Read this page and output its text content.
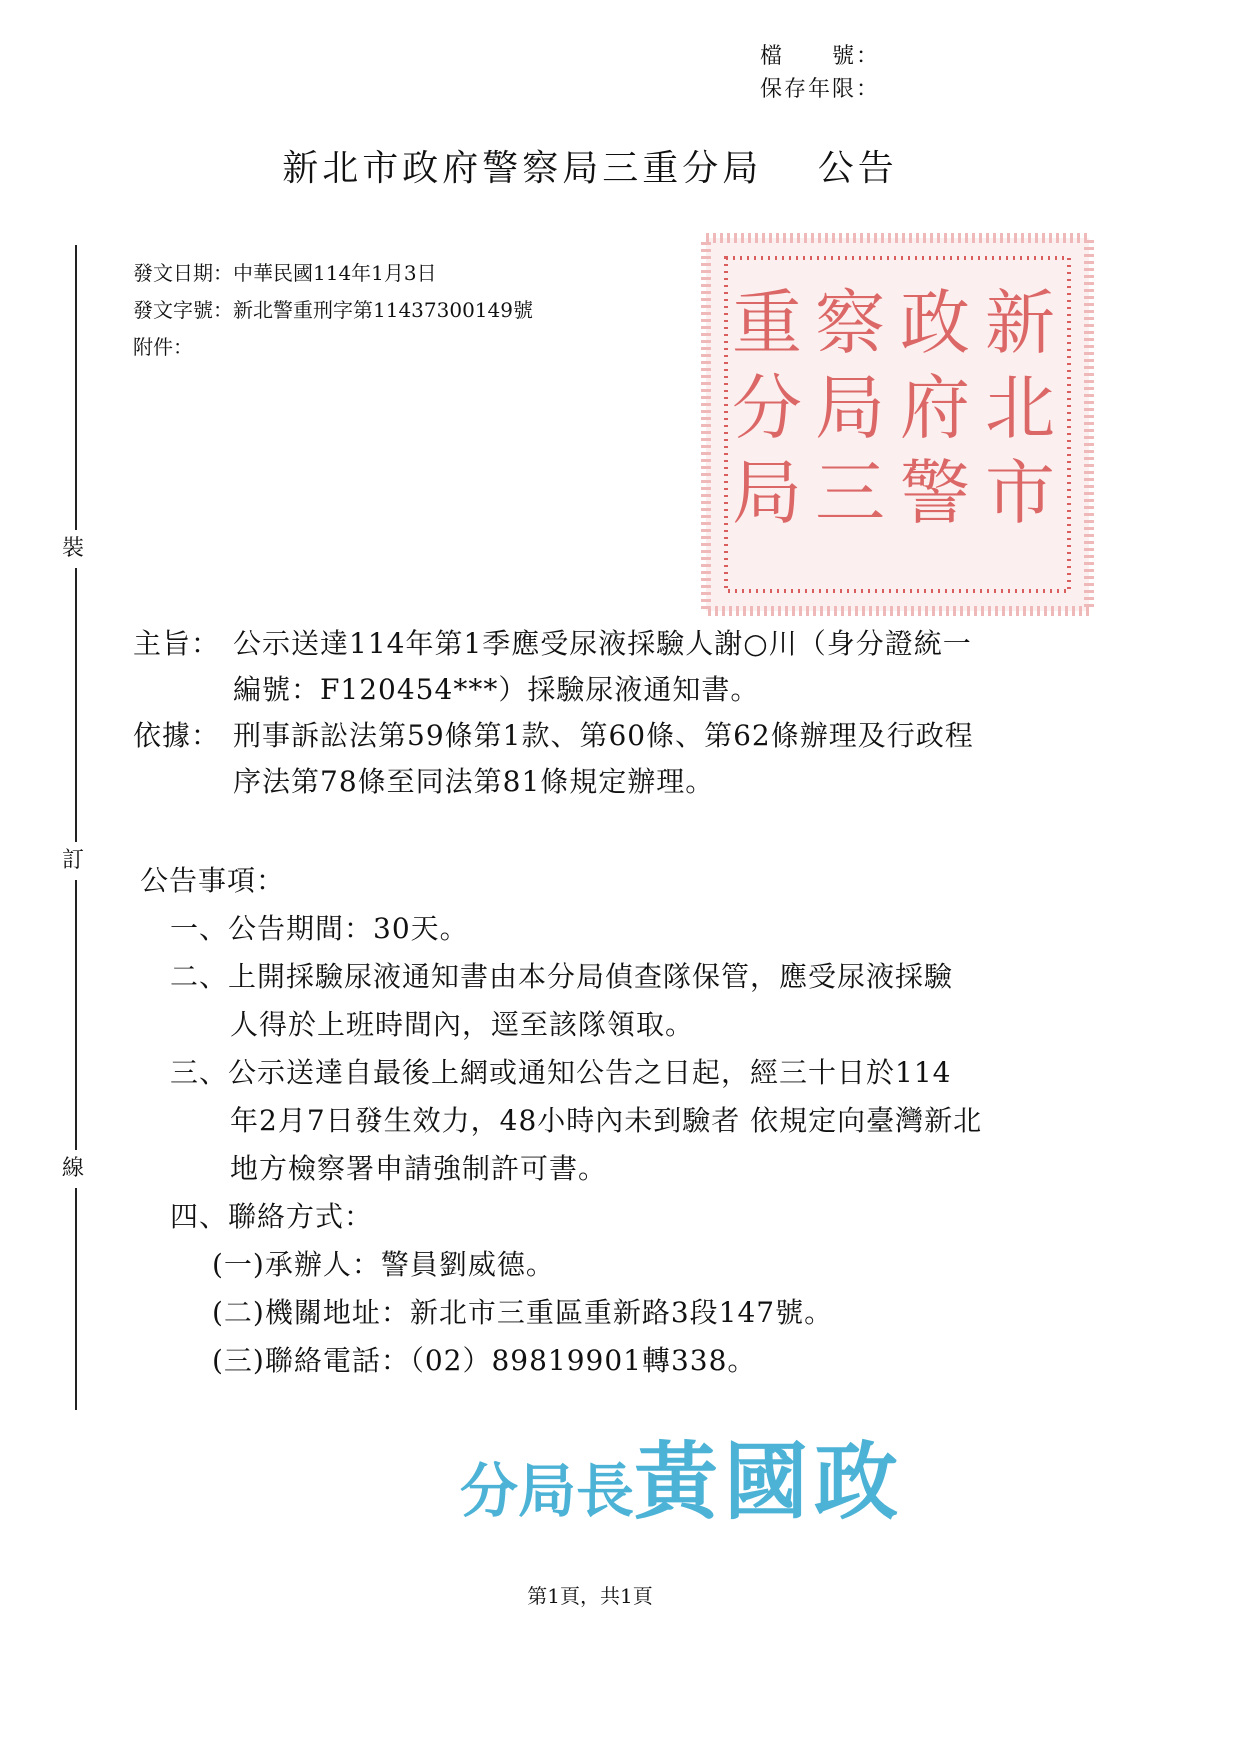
檔　　號：
保存年限：
新北市政府警察局三重分局　 公告
裝
訂
線
發文日期：中華民國114年1月3日
發文字號：新北警重刑字第11437300149號
附件：	新
北
市
政
府
警
察
局
三
重
分
局
主旨： 公示送達114年第1季應受尿液採驗人謝○川（身分證統一
編號：F120454***）採驗尿液通知書。
依據： 刑事訴訟法第59條第1款、第60條、第62條辦理及行政程
序法第78條至同法第81條規定辦理。
公告事項：
一、公告期間：30天。
二、上開採驗尿液通知書由本分局偵查隊保管，應受尿液採驗
人得於上班時間內，逕至該隊領取。
三、公示送達自最後上網或通知公告之日起，經三十日於114
年2月7日發生效力，48小時內未到驗者 依規定向臺灣新北
地方檢察署申請強制許可書。
四、聯絡方式：
(一)承辦人：警員劉威德。
(二)機關地址：新北市三重區重新路3段147號。
(三)聯絡電話：（02）89819901轉338。
分局長黃國政
第1頁，共1頁
